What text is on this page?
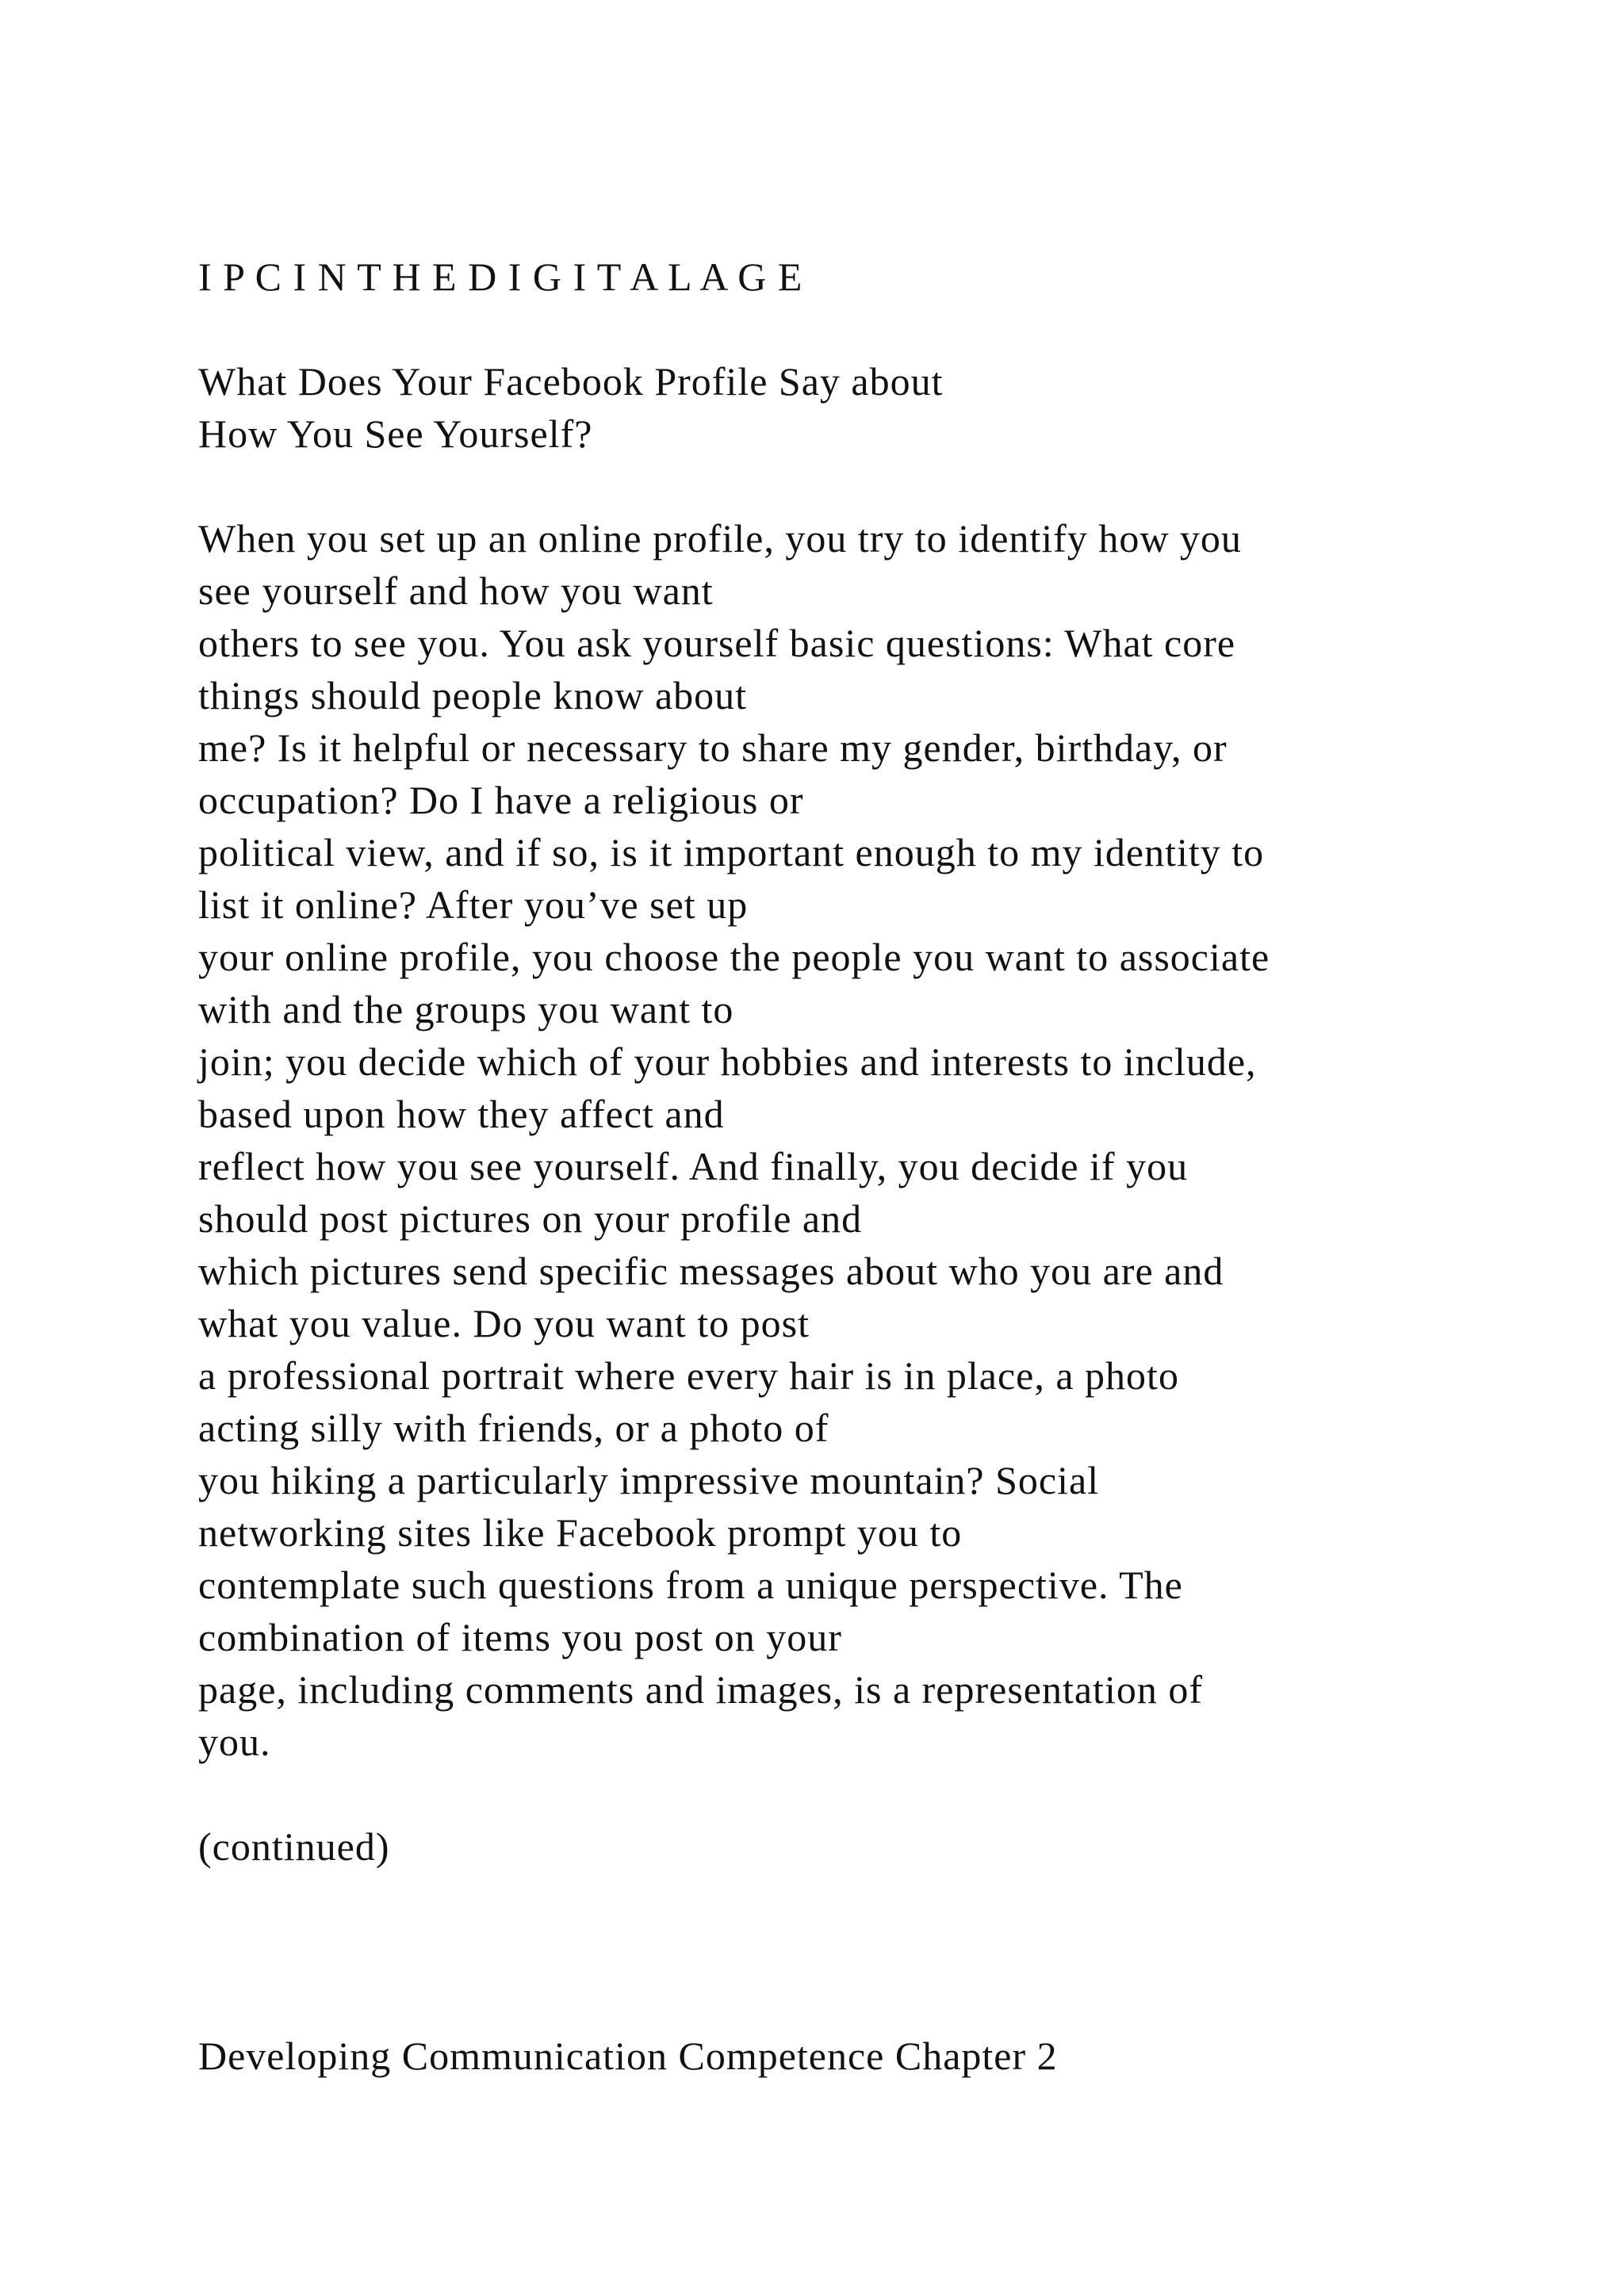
I P C I N T H E D I G I T A L A G E
What Does Your Facebook Profile Say about
How You See Yourself?
When you set up an online profile, you try to identify how you
see yourself and how you want
others to see you. You ask yourself basic questions: What core
things should people know about
me? Is it helpful or necessary to share my gender, birthday, or
occupation? Do I have a religious or
political view, and if so, is it important enough to my identity to
list it online? After you’ve set up
your online profile, you choose the people you want to associate
with and the groups you want to
join; you decide which of your hobbies and interests to include,
based upon how they affect and
reflect how you see yourself. And finally, you decide if you
should post pictures on your profile and
which pictures send specific messages about who you are and
what you value. Do you want to post
a professional portrait where every hair is in place, a photo
acting silly with friends, or a photo of
you hiking a particularly impressive mountain? Social
networking sites like Facebook prompt you to
contemplate such questions from a unique perspective. The
combination of items you post on your
page, including comments and images, is a representation of
you.
(continued)
Developing Communication Competence Chapter 2
